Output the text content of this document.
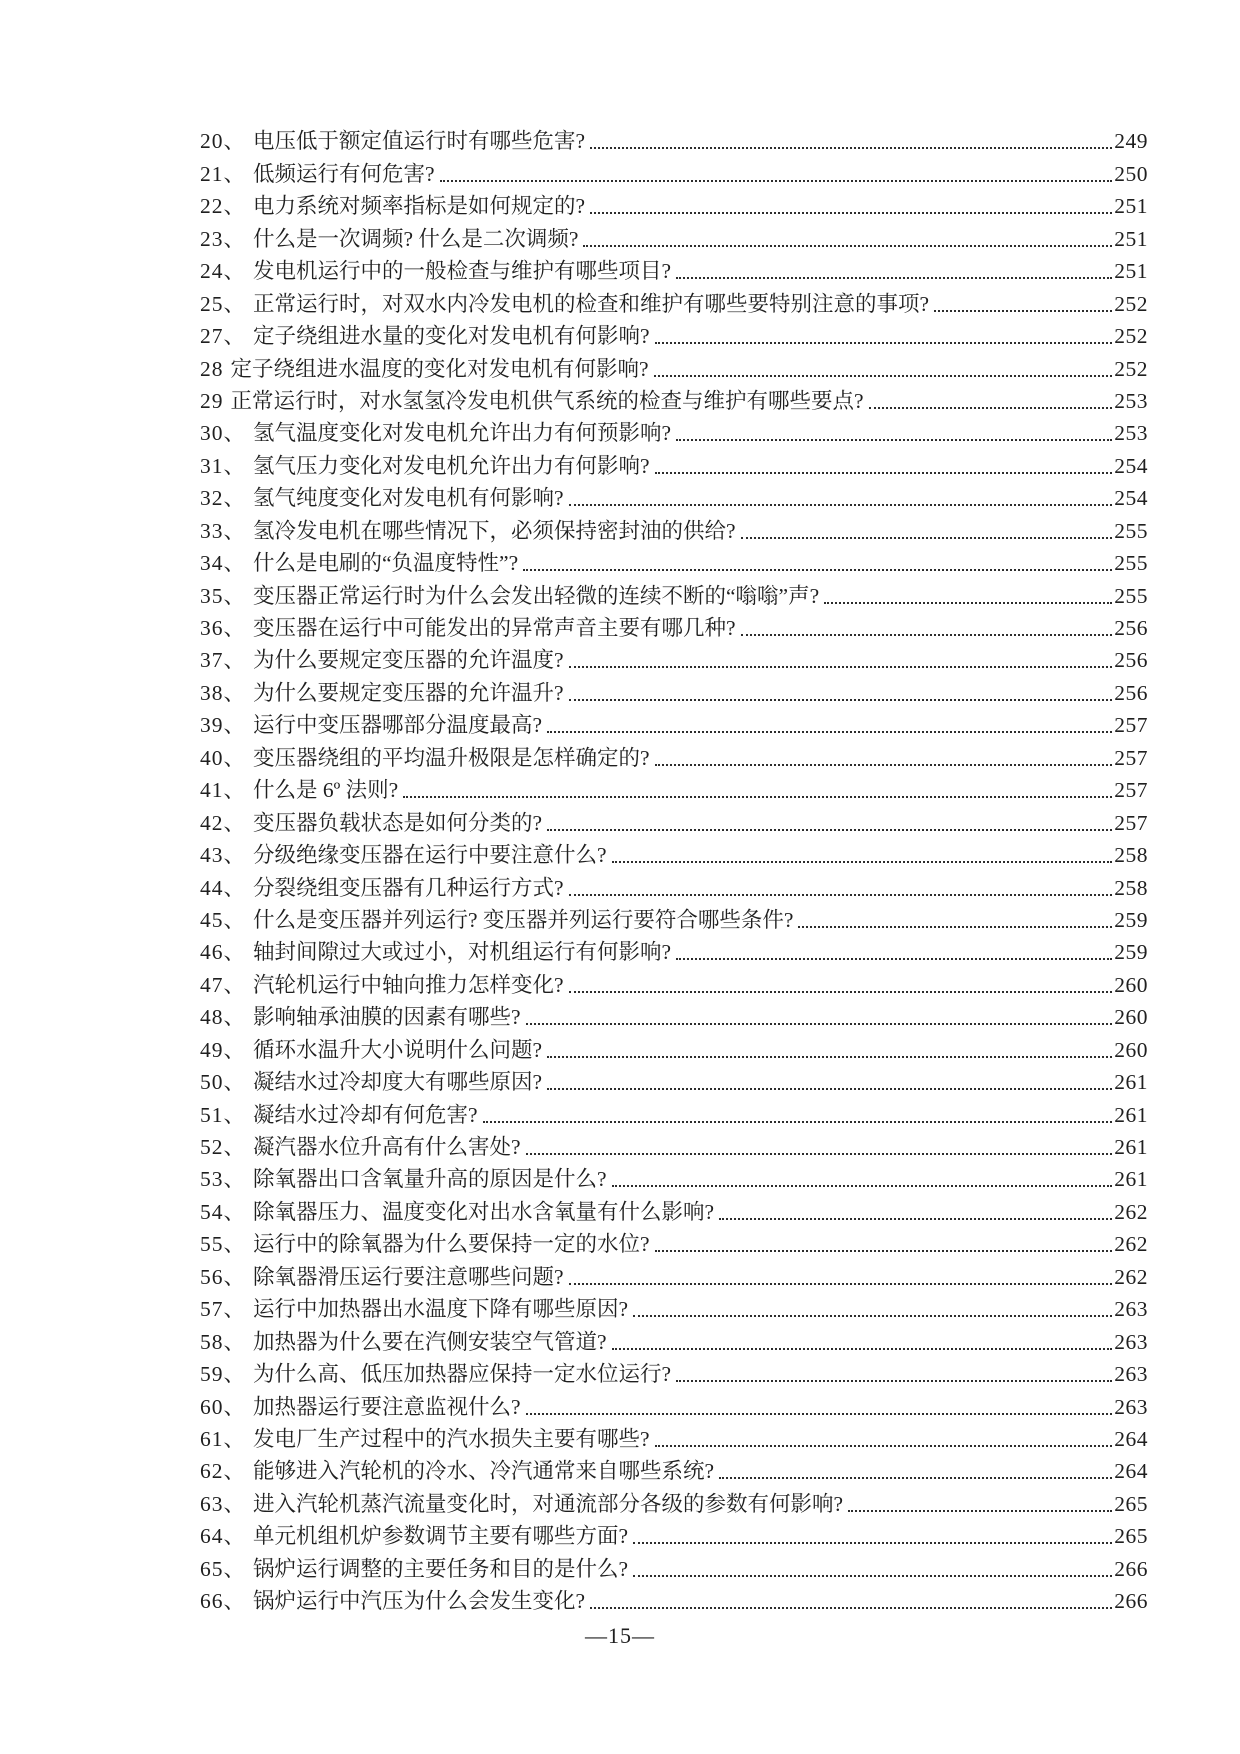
20、 电压低于额定值运行时有哪些危害?	249
21、 低频运行有何危害?	250
22、 电力系统对频率指标是如何规定的?	251
23、 什么是一次调频? 什么是二次调频?	251
24、 发电机运行中的一般检查与维护有哪些项目?	251
25、 正常运行时，对双水内冷发电机的检查和维护有哪些要特别注意的事项?	252
27、 定子绕组进水量的变化对发电机有何影响?	252
28 定子绕组进水温度的变化对发电机有何影响?	252
29 正常运行时，对水氢氢冷发电机供气系统的检查与维护有哪些要点?	253
30、 氢气温度变化对发电机允许出力有何预影响?	253
31、 氢气压力变化对发电机允许出力有何影响?	254
32、 氢气纯度变化对发电机有何影响?	254
33、 氢冷发电机在哪些情况下，必须保持密封油的供给?	255
34、 什么是电刷的“负温度特性”?	255
35、 变压器正常运行时为什么会发出轻微的连续不断的“嗡嗡”声?	255
36、 变压器在运行中可能发出的异常声音主要有哪几种?	256
37、 为什么要规定变压器的允许温度?	256
38、 为什么要规定变压器的允许温升?	256
39、 运行中变压器哪部分温度最高?	257
40、 变压器绕组的平均温升极限是怎样确定的?	257
41、 什么是 6º 法则?	257
42、 变压器负载状态是如何分类的?	257
43、 分级绝缘变压器在运行中要注意什么?	258
44、 分裂绕组变压器有几种运行方式?	258
45、 什么是变压器并列运行? 变压器并列运行要符合哪些条件?	259
46、 轴封间隙过大或过小，对机组运行有何影响?	259
47、 汽轮机运行中轴向推力怎样变化?	260
48、 影响轴承油膜的因素有哪些?	260
49、 循环水温升大小说明什么问题?	260
50、 凝结水过冷却度大有哪些原因?	261
51、 凝结水过冷却有何危害?	261
52、 凝汽器水位升高有什么害处?	261
53、 除氧器出口含氧量升高的原因是什么?	261
54、 除氧器压力、温度变化对出水含氧量有什么影响?	262
55、 运行中的除氧器为什么要保持一定的水位?	262
56、 除氧器滑压运行要注意哪些问题?	262
57、 运行中加热器出水温度下降有哪些原因?	263
58、 加热器为什么要在汽侧安装空气管道?	263
59、 为什么高、低压加热器应保持一定水位运行?	263
60、 加热器运行要注意监视什么?	263
61、 发电厂生产过程中的汽水损失主要有哪些?	264
62、 能够进入汽轮机的冷水、冷汽通常来自哪些系统?	264
63、 进入汽轮机蒸汽流量变化时，对通流部分各级的参数有何影响?	265
64、 单元机组机炉参数调节主要有哪些方面?	265
65、 锅炉运行调整的主要任务和目的是什么?	266
66、 锅炉运行中汽压为什么会发生变化?	266
—15—
